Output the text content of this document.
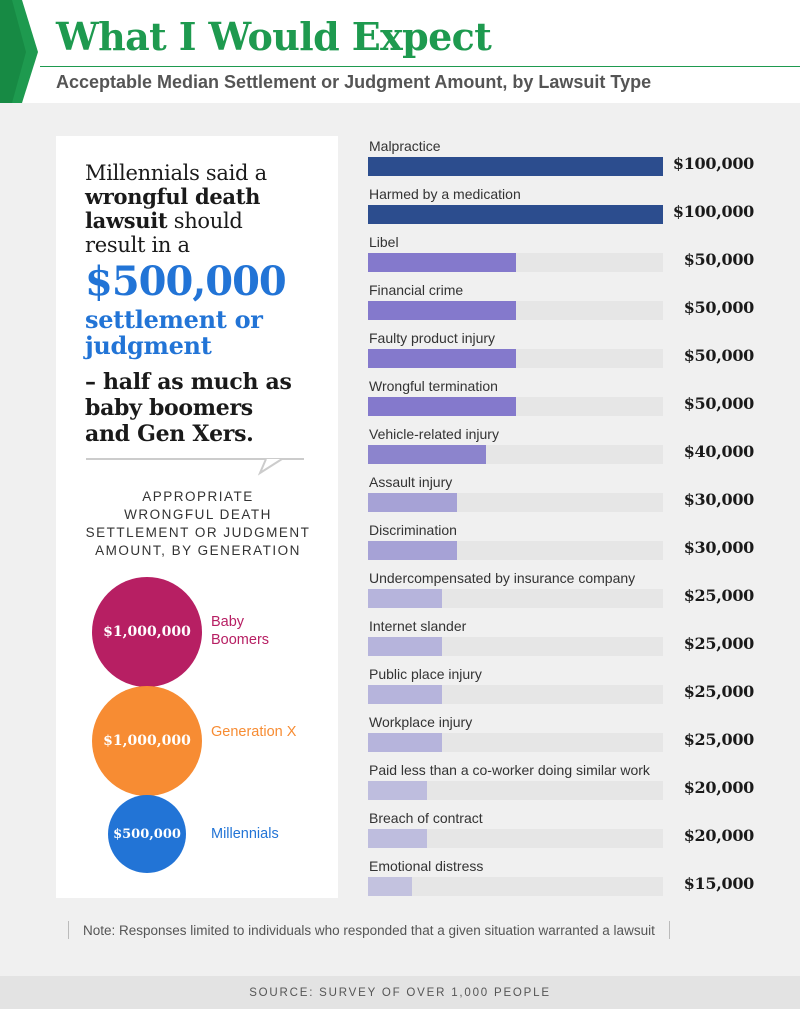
What I Would Expect
Acceptable Median Settlement or Judgment Amount, by Lawsuit Type
Millennials said a
wrongful death
lawsuit should
result in a
$500,000
settlement or
judgment
– half as much as
baby boomers
and Gen Xers.
APPROPRIATE
WRONGFUL DEATH
SETTLEMENT OR JUDGMENT
AMOUNT, BY GENERATION
$1,000,000
Baby
Boomers
$1,000,000
Generation X
$500,000 Millennials
Malpractice
$100,000
Harmed by a medication
$100,000
Libel
$50,000
Financial crime
$50,000
Faulty product injury
$50,000
Wrongful termination
$50,000
Vehicle-related injury
$40,000
Assault injury
$30,000
Discrimination
$30,000
Undercompensated by insurance company
$25,000
Internet slander
$25,000
Public place injury
$25,000
Workplace injury
$25,000
Paid less than a co-worker doing similar work
$20,000
Breach of contract
$20,000
Emotional distress
$15,000
Note: Responses limited to individuals who responded that a given situation warranted a lawsuit
SOURCE: SURVEY OF OVER 1,000 PEOPLE
